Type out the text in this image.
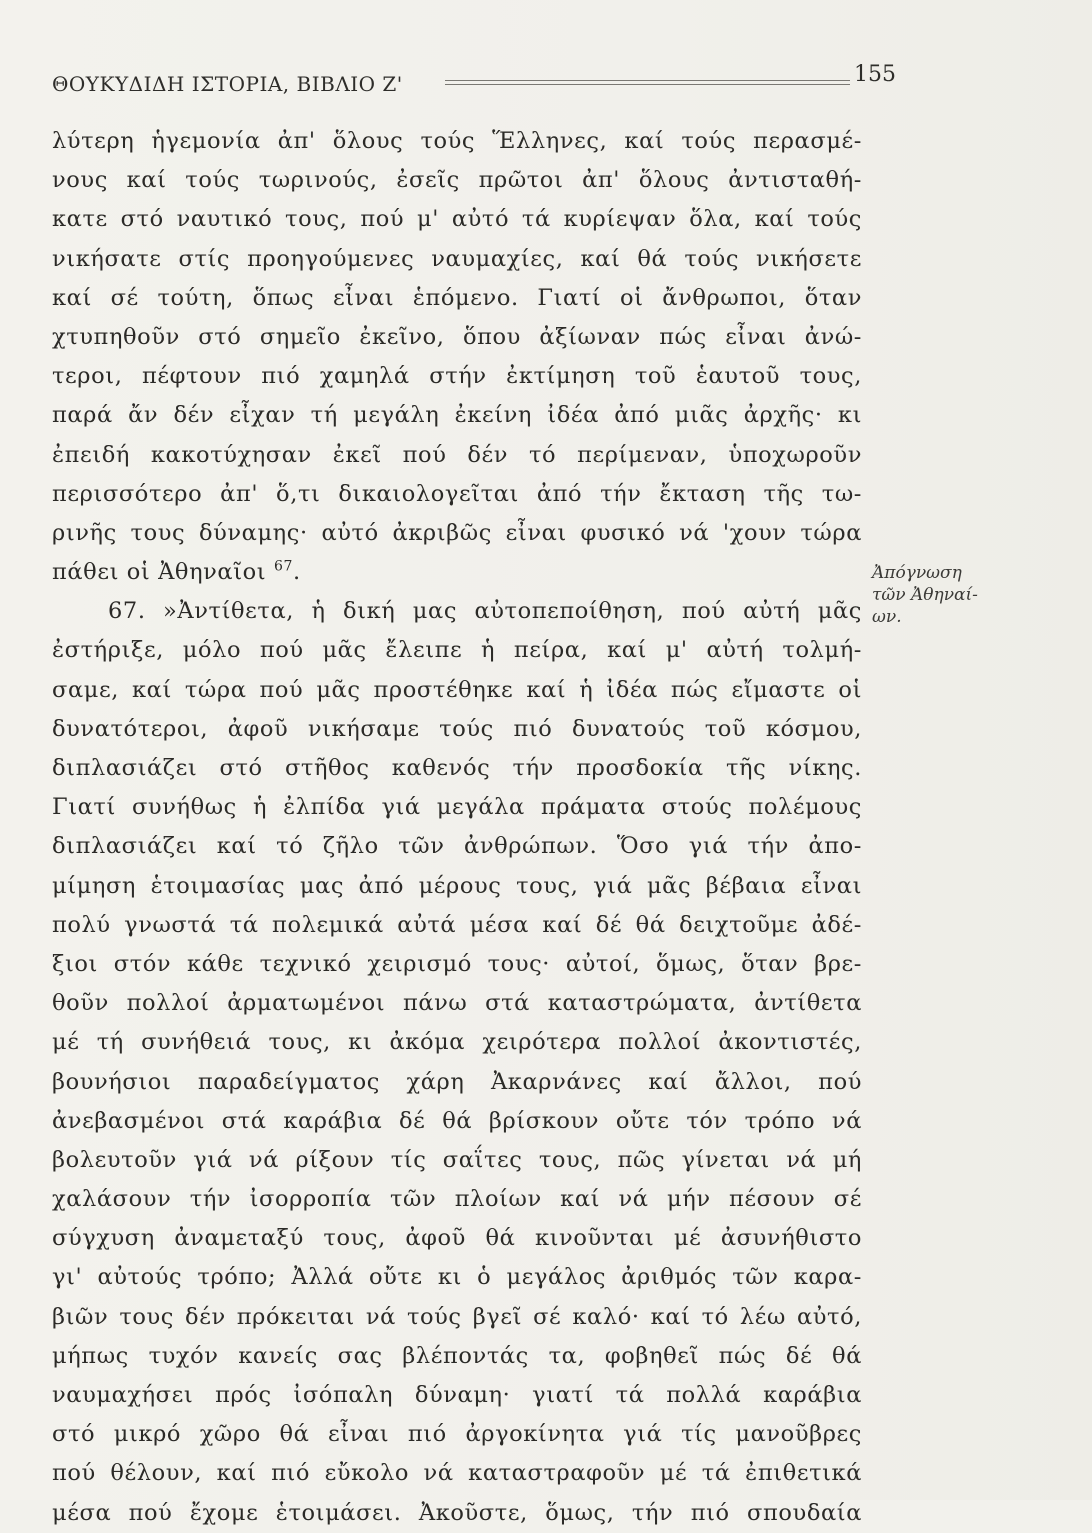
ΘΟΥΚΥΔΙΔΗ ΙΣΤΟΡΙΑ, ΒΙΒΛΙΟ Ζ'	155
λύτερη ἡγεμονία ἀπ' ὅλους τούς Ἕλληνες, καί τούς περασμέ-
νους καί τούς τωρινούς, ἐσεῖς πρῶτοι ἀπ' ὅλους ἀντισταθή-
κατε στό ναυτικό τους, πού μ' αὐτό τά κυρίεψαν ὅλα, καί τούς
νικήσατε στίς προηγούμενες ναυμαχίες, καί θά τούς νικήσετε
καί σέ τούτη, ὅπως εἶναι ἑπόμενο. Γιατί οἱ ἄνθρωποι, ὅταν
χτυπηθοῦν στό σημεῖο ἐκεῖνο, ὅπου ἀξίωναν πώς εἶναι ἀνώ-
τεροι, πέφτουν πιό χαμηλά στήν ἐκτίμηση τοῦ ἑαυτοῦ τους,
παρά ἄν δέν εἶχαν τή μεγάλη ἐκείνη ἰδέα ἀπό μιᾶς ἀρχῆς· κι
ἐπειδή κακοτύχησαν ἐκεῖ πού δέν τό περίμεναν, ὑποχωροῦν
περισσότερο ἀπ' ὅ,τι δικαιολογεῖται ἀπό τήν ἔκταση τῆς τω-
ρινῆς τους δύναμης· αὐτό ἀκριβῶς εἶναι φυσικό νά 'χουν τώρα
πάθει οἱ Ἀθηναῖοι $^{67}$.
67. »Ἀντίθετα, ἡ δική μας αὐτοπεποίθηση, πού αὐτή μᾶς
ἐστήριξε, μόλο πού μᾶς ἔλειπε ἡ πείρα, καί μ' αὐτή τολμή-
σαμε, καί τώρα πού μᾶς προστέθηκε καί ἡ ἰδέα πώς εἴμαστε οἱ
δυνατότεροι, ἀφοῦ νικήσαμε τούς πιό δυνατούς τοῦ κόσμου,
διπλασιάζει στό στῆθος καθενός τήν προσδοκία τῆς νίκης.
Γιατί συνήθως ἡ ἐλπίδα γιά μεγάλα πράματα στούς πολέμους
διπλασιάζει καί τό ζῆλο τῶν ἀνθρώπων. Ὅσο γιά τήν ἀπο-
μίμηση ἑτοιμασίας μας ἀπό μέρους τους, γιά μᾶς βέβαια εἶναι
πολύ γνωστά τά πολεμικά αὐτά μέσα καί δέ θά δειχτοῦμε ἀδέ-
ξιοι στόν κάθε τεχνικό χειρισμό τους· αὐτοί, ὅμως, ὅταν βρε-
θοῦν πολλοί ἀρματωμένοι πάνω στά καταστρώματα, ἀντίθετα
μέ τή συνήθειά τους, κι ἀκόμα χειρότερα πολλοί ἀκοντιστές,
βουνήσιοι παραδείγματος χάρη Ἀκαρνάνες καί ἄλλοι, πού
ἀνεβασμένοι στά καράβια δέ θά βρίσκουν οὔτε τόν τρόπο νά
βολευτοῦν γιά νά ρίξουν τίς σαΐτες τους, πῶς γίνεται νά μή
χαλάσουν τήν ἰσορροπία τῶν πλοίων καί νά μήν πέσουν σέ
σύγχυση ἀναμεταξύ τους, ἀφοῦ θά κινοῦνται μέ ἀσυνήθιστο
γι' αὐτούς τρόπο; Ἀλλά οὔτε κι ὁ μεγάλος ἀριθμός τῶν καρα-
βιῶν τους δέν πρόκειται νά τούς βγεῖ σέ καλό· καί τό λέω αὐτό,
μήπως τυχόν κανείς σας βλέποντάς τα, φοβηθεῖ πώς δέ θά
ναυμαχήσει πρός ἰσόπαλη δύναμη· γιατί τά πολλά καράβια
στό μικρό χῶρο θά εἶναι πιό ἀργοκίνητα γιά τίς μανοῦβρες
πού θέλουν, καί πιό εὔκολο νά καταστραφοῦν μέ τά ἐπιθετικά
μέσα πού ἔχομε ἑτοιμάσει. Ἀκοῦστε, ὅμως, τήν πιό σπουδαία
Ἀπόγνωση
τῶν Ἀθηναί-
ων.
